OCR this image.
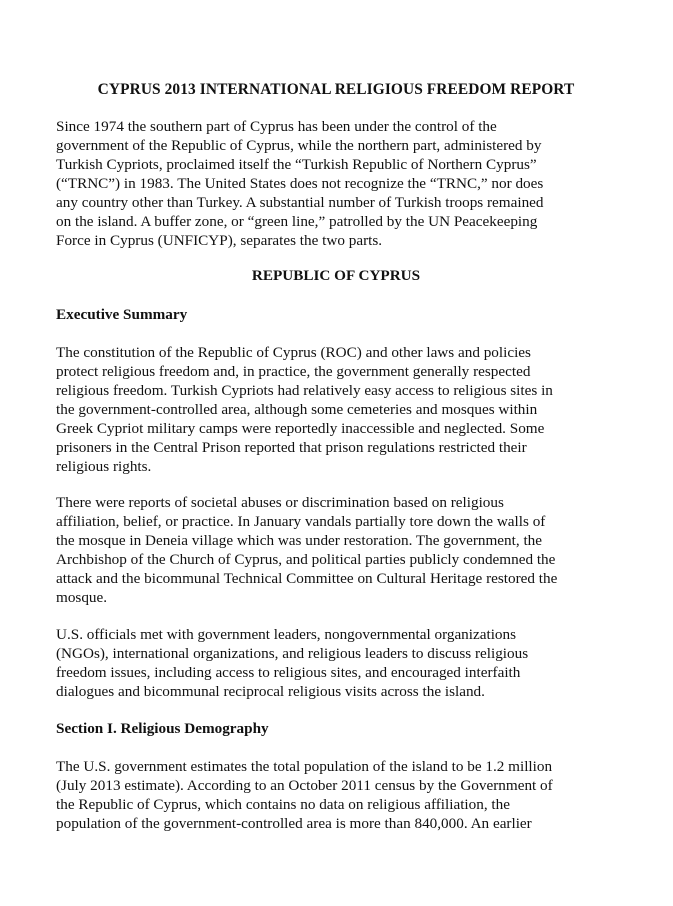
CYPRUS 2013 INTERNATIONAL RELIGIOUS FREEDOM REPORT
Since 1974 the southern part of Cyprus has been under the control of the
government of the Republic of Cyprus, while the northern part, administered by
Turkish Cypriots, proclaimed itself the “Turkish Republic of Northern Cyprus”
(“TRNC”) in 1983. The United States does not recognize the “TRNC,” nor does
any country other than Turkey. A substantial number of Turkish troops remained
on the island. A buffer zone, or “green line,” patrolled by the UN Peacekeeping
Force in Cyprus (UNFICYP), separates the two parts.
REPUBLIC OF CYPRUS
Executive Summary
The constitution of the Republic of Cyprus (ROC) and other laws and policies
protect religious freedom and, in practice, the government generally respected
religious freedom. Turkish Cypriots had relatively easy access to religious sites in
the government-controlled area, although some cemeteries and mosques within
Greek Cypriot military camps were reportedly inaccessible and neglected. Some
prisoners in the Central Prison reported that prison regulations restricted their
religious rights.
There were reports of societal abuses or discrimination based on religious
affiliation, belief, or practice. In January vandals partially tore down the walls of
the mosque in Deneia village which was under restoration. The government, the
Archbishop of the Church of Cyprus, and political parties publicly condemned the
attack and the bicommunal Technical Committee on Cultural Heritage restored the
mosque.
U.S. officials met with government leaders, nongovernmental organizations
(NGOs), international organizations, and religious leaders to discuss religious
freedom issues, including access to religious sites, and encouraged interfaith
dialogues and bicommunal reciprocal religious visits across the island.
Section I. Religious Demography
The U.S. government estimates the total population of the island to be 1.2 million
(July 2013 estimate). According to an October 2011 census by the Government of
the Republic of Cyprus, which contains no data on religious affiliation, the
population of the government-controlled area is more than 840,000. An earlier
